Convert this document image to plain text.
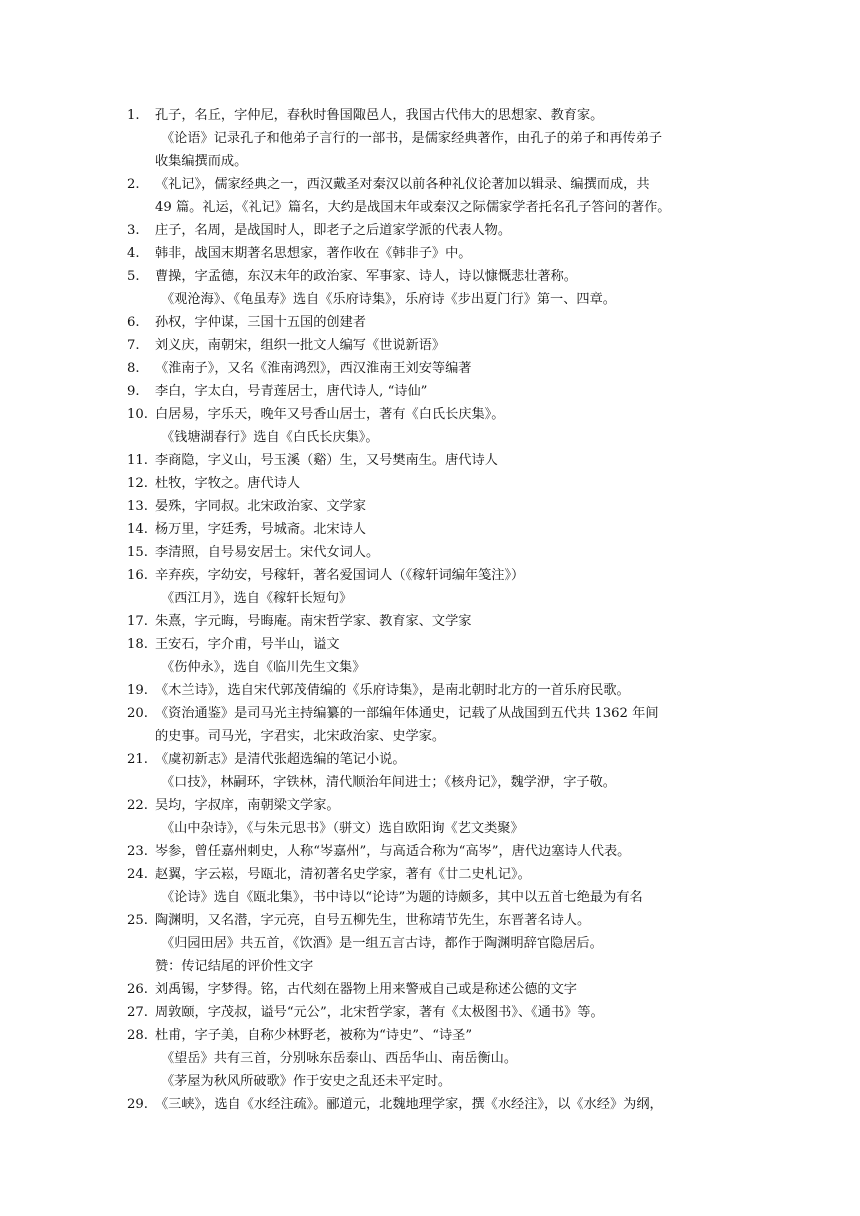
1. 孔子，名丘，字仲尼，春秋时鲁国陬邑人，我国古代伟大的思想家、教育家。
《论语》记录孔子和他弟子言行的一部书，是儒家经典著作，由孔子的弟子和再传弟子
收集编撰而成。
2. 《礼记》，儒家经典之一，西汉戴圣对秦汉以前各种礼仪论著加以辑录、编撰而成，共
49 篇。礼运，《礼记》篇名，大约是战国末年或秦汉之际儒家学者托名孔子答问的著作。
3. 庄子，名周，是战国时人，即老子之后道家学派的代表人物。
4. 韩非，战国末期著名思想家，著作收在《韩非子》中。
5. 曹操，字孟德，东汉末年的政治家、军事家、诗人，诗以慷慨悲壮著称。
《观沧海》、《龟虽寿》选自《乐府诗集》，乐府诗《步出夏门行》第一、四章。
6. 孙权，字仲谋，三国十五国的创建者
7. 刘义庆，南朝宋，组织一批文人编写《世说新语》
8. 《淮南子》，又名《淮南鸿烈》，西汉淮南王刘安等编著
9. 李白，字太白，号青莲居士，唐代诗人, “诗仙”
10. 白居易，字乐天，晚年又号香山居士，著有《白氏长庆集》。
《钱塘湖春行》选自《白氏长庆集》。
11. 李商隐，字义山，号玉溪（谿）生，又号樊南生。唐代诗人
12. 杜牧，字牧之。唐代诗人
13. 晏殊，字同叔。北宋政治家、文学家
14. 杨万里，字廷秀，号城斋。北宋诗人
15. 李清照，自号易安居士。宋代女词人。
16. 辛弃疾，字幼安，号稼轩，著名爱国词人（《稼轩词编年笺注》）
《西江月》，选自《稼轩长短句》
17. 朱熹，字元晦，号晦庵。南宋哲学家、教育家、文学家
18. 王安石，字介甫，号半山，谥文
《伤仲永》，选自《临川先生文集》
19. 《木兰诗》，选自宋代郭茂倩编的《乐府诗集》，是南北朝时北方的一首乐府民歌。
20. 《资治通鉴》是司马光主持编纂的一部编年体通史，记载了从战国到五代共 1362 年间
的史事。司马光，字君实，北宋政治家、史学家。
21. 《虞初新志》是清代张超选编的笔记小说。
《口技》，林嗣环，字铁林，清代顺治年间进士；《核舟记》，魏学洢，字子敬。
22. 吴均，字叔庠，南朝梁文学家。
《山中杂诗》，《与朱元思书》（骈文）选自欧阳询《艺文类聚》
23. 岑参，曾任嘉州刺史，人称“岑嘉州”，与高适合称为“高岑”，唐代边塞诗人代表。
24. 赵翼，字云崧，号瓯北，清初著名史学家，著有《廿二史札记》。
《论诗》选自《瓯北集》，书中诗以“论诗”为题的诗颇多，其中以五首七绝最为有名
25. 陶渊明，又名潜，字元亮，自号五柳先生，世称靖节先生，东晋著名诗人。
《归园田居》共五首，《饮酒》是一组五言古诗，都作于陶渊明辞官隐居后。
赞：传记结尾的评价性文字
26. 刘禹锡，字梦得。铭，古代刻在器物上用来警戒自己或是称述公德的文字
27. 周敦颐，字茂叔，谥号“元公”，北宋哲学家，著有《太极图书》、《通书》等。
28. 杜甫，字子美，自称少林野老，被称为“诗史”、“诗圣”
《望岳》共有三首，分别咏东岳泰山、西岳华山、南岳衡山。
《茅屋为秋风所破歌》作于安史之乱还未平定时。
29. 《三峡》，选自《水经注疏》。郦道元，北魏地理学家，撰《水经注》，以《水经》为纲，
